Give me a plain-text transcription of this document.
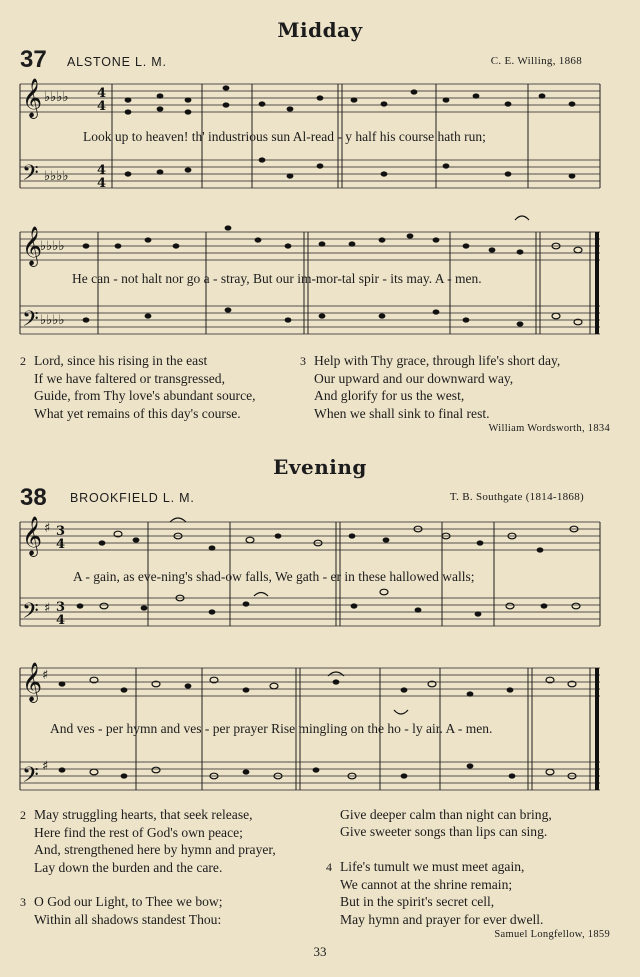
Midday
37 ALSTONE L. M.	C. E. Willing, 1868
𝄞
𝄢
𝄞
𝄢
𝄞
𝄢
𝄞
𝄢
♭♭♭♭
♭♭♭♭
♭♭♭♭
♭♭♭♭
♯
♯
♯
♯
4
4
4
4
3
4
3
4
Look up to heaven! th' industrious sun Al-read - y half his course hath run;
He can - not halt nor go a - stray, But our im-mor-tal spir - its may. A - men.
2 Lord, since his rising in the east
If we have faltered or transgressed,
Guide, from Thy love's abundant source,
What yet remains of this day's course.
3 Help with Thy grace, through life's short day,
Our upward and our downward way,
And glorify for us the west,
When we shall sink to final rest.
William Wordsworth, 1834
Evening
38 BROOKFIELD L. M.	T. B. Southgate (1814-1868)
A - gain, as eve-ning's shad-ow falls, We gath - er in these hallowed walls;
And ves - per hymn and ves - per prayer Rise mingling on the ho - ly air. A - men.
2 May struggling hearts, that seek release,
Here find the rest of God's own peace;
And, strengthened here by hymn and prayer,
Lay down the burden and the care.
Give deeper calm than night can bring,
Give sweeter songs than lips can sing.
3 O God our Light, to Thee we bow;
Within all shadows standest Thou:
4 Life's tumult we must meet again,
We cannot at the shrine remain;
But in the spirit's secret cell,
May hymn and prayer for ever dwell.
Samuel Longfellow, 1859
33
